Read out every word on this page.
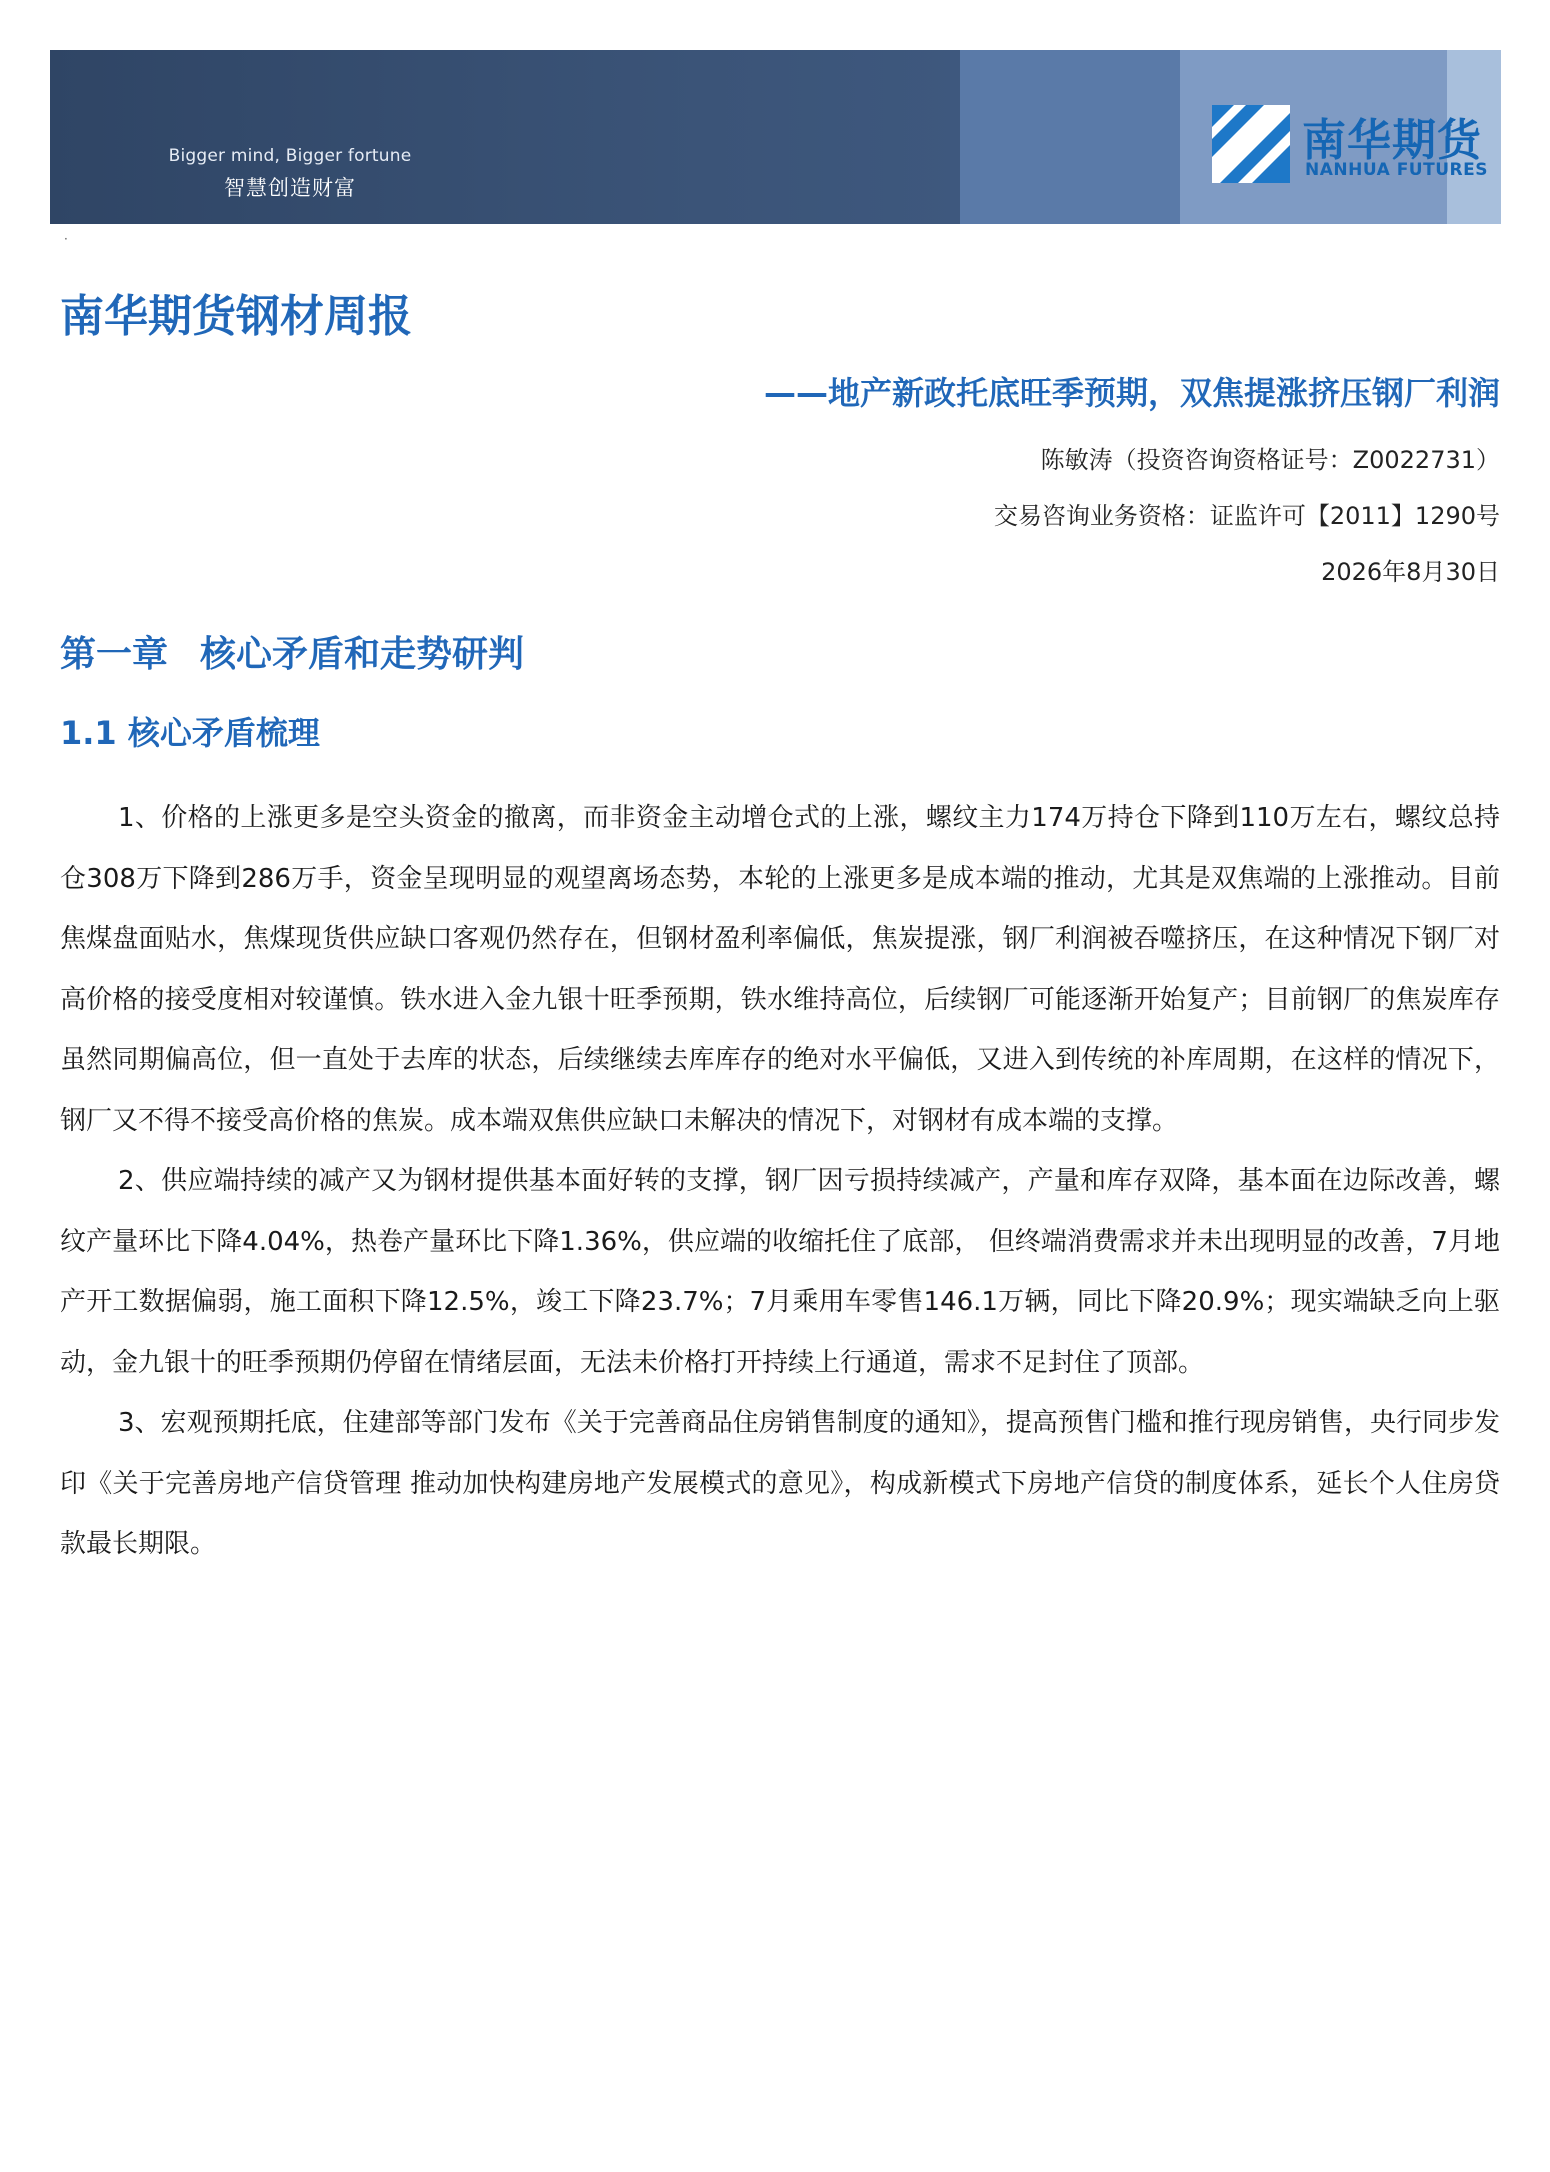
Bigger mind, Bigger fortune
智慧创造财富
南华期货
NANHUA FUTURES
·
南华期货钢材周报
——地产新政托底旺季预期，双焦提涨挤压钢厂利润
陈敏涛（投资咨询资格证号：Z0022731）
交易咨询业务资格：证监许可【2011】1290号
2026年8月30日
第一章 核心矛盾和走势研判
1.1 核心矛盾梳理

1、价格的上涨更多是空头资金的撤离，而非资金主动增仓式的上涨，螺纹主力174万持仓下降到110万左右，螺纹总持仓308万下降到286万手，资金呈现明显的观望离场态势，本轮的上涨更多是成本端的推动，尤其是双焦端的上涨推动。目前焦煤盘面贴水，焦煤现货供应缺口客观仍然存在，但钢材盈利率偏低，焦炭提涨，钢厂利润被吞噬挤压，在这种情况下钢厂对高价格的接受度相对较谨慎。铁水进入金九银十旺季预期，铁水维持高位，后续钢厂可能逐渐开始复产；目前钢厂的焦炭库存虽然同期偏高位，但一直处于去库的状态，后续继续去库库存的绝对水平偏低，又进入到传统的补库周期，在这样的情况下，钢厂又不得不接受高价格的焦炭。成本端双焦供应缺口未解决的情况下，对钢材有成本端的支撑。

2、供应端持续的减产又为钢材提供基本面好转的支撑，钢厂因亏损持续减产，产量和库存双降，基本面在边际改善，螺纹产量环比下降4.04%，热卷产量环比下降1.36%，供应端的收缩托住了底部， 但终端消费需求并未出现明显的改善，7月地产开工数据偏弱，施工面积下降12.5%，竣工下降23.7%；7月乘用车零售146.1万辆，同比下降20.9%；现实端缺乏向上驱动，金九银十的旺季预期仍停留在情绪层面，无法未价格打开持续上行通道，需求不足封住了顶部。

3、宏观预期托底，住建部等部门发布《关于完善商品住房销售制度的通知》，提高预售门槛和推行现房销售，央行同步发印《关于完善房地产信贷管理 推动加快构建房地产发展模式的意见》，构成新模式下房地产信贷的制度体系，延长个人住房贷款最长期限。
